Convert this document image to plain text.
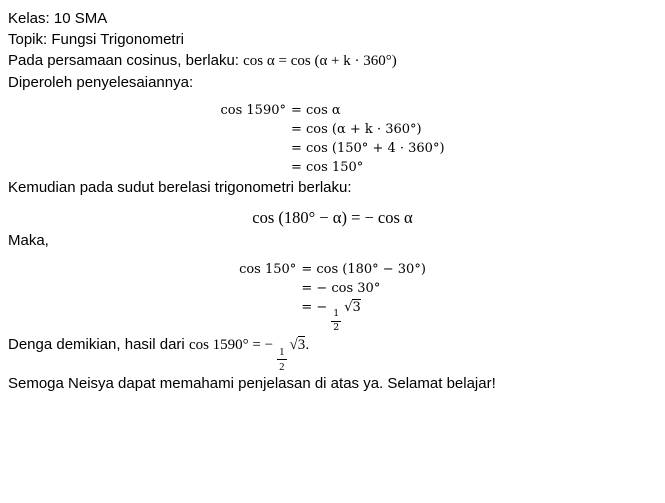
Kelas: 10 SMA

Topik: Fungsi Trigonometri

Pada persamaan cosinus, berlaku: cos α = cos (α + k · 360°)

Diperoleh penyelesaiannya:

cos 1590°	= cos α
	= cos (α + k · 360°)
	= cos (150° + 4 · 360°)
	= cos 150°

Kemudian pada sudut berelasi trigonometri berlaku:

cos (180° − α) = − cos α

Maka,

cos 150°	= cos (180° − 30°)
	= − cos 30°
	= −
$\frac{1}{2}$
√3

Denga demikian, hasil dari cos 1590° = −
$\frac{1}{2}$
√3.

Semoga Neisya dapat memahami penjelasan di atas ya. Selamat belajar!
